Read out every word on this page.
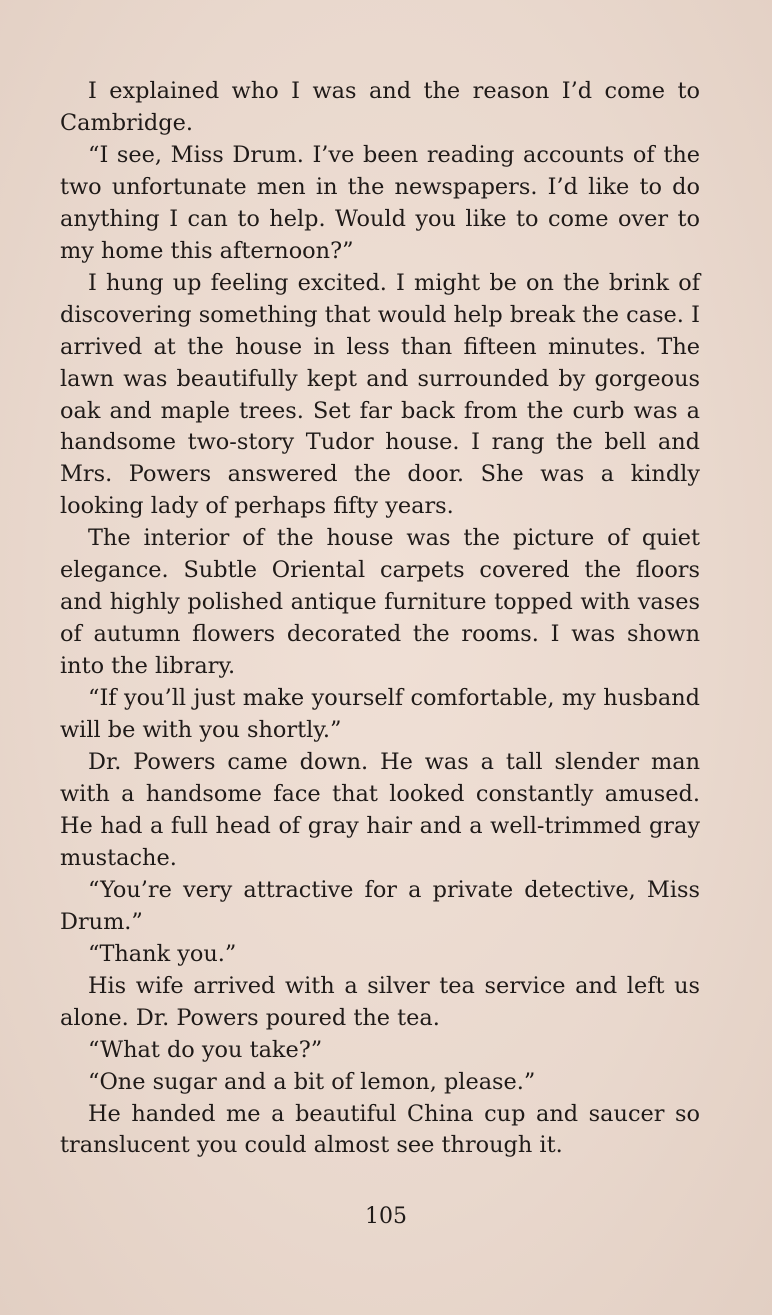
I explained who I was and the reason I’d come to Cambridge.

“I see, Miss Drum. I’ve been reading accounts of the two unfortunate men in the newspapers. I’d like to do anything I can to help. Would you like to come over to my home this afternoon?”

I hung up feeling excited. I might be on the brink of discovering something that would help break the case. I arrived at the house in less than fifteen minutes. The lawn was beautifully kept and surrounded by gorgeous oak and maple trees. Set far back from the curb was a handsome two-story Tudor house. I rang the bell and Mrs. Powers answered the door. She was a kindly looking lady of perhaps fifty years.

The interior of the house was the picture of quiet elegance. Subtle Oriental carpets covered the floors and highly polished antique furniture topped with vases of autumn flowers decorated the rooms. I was shown into the library.

“If you’ll just make yourself comfortable, my husband will be with you shortly.”

Dr. Powers came down. He was a tall slender man with a handsome face that looked constantly amused. He had a full head of gray hair and a well-trimmed gray mustache.

“You’re very attractive for a private detective, Miss Drum.”

“Thank you.”

His wife arrived with a silver tea service and left us alone. Dr. Powers poured the tea.

“What do you take?”

“One sugar and a bit of lemon, please.”

He handed me a beautiful China cup and saucer so translucent you could almost see through it.

105
